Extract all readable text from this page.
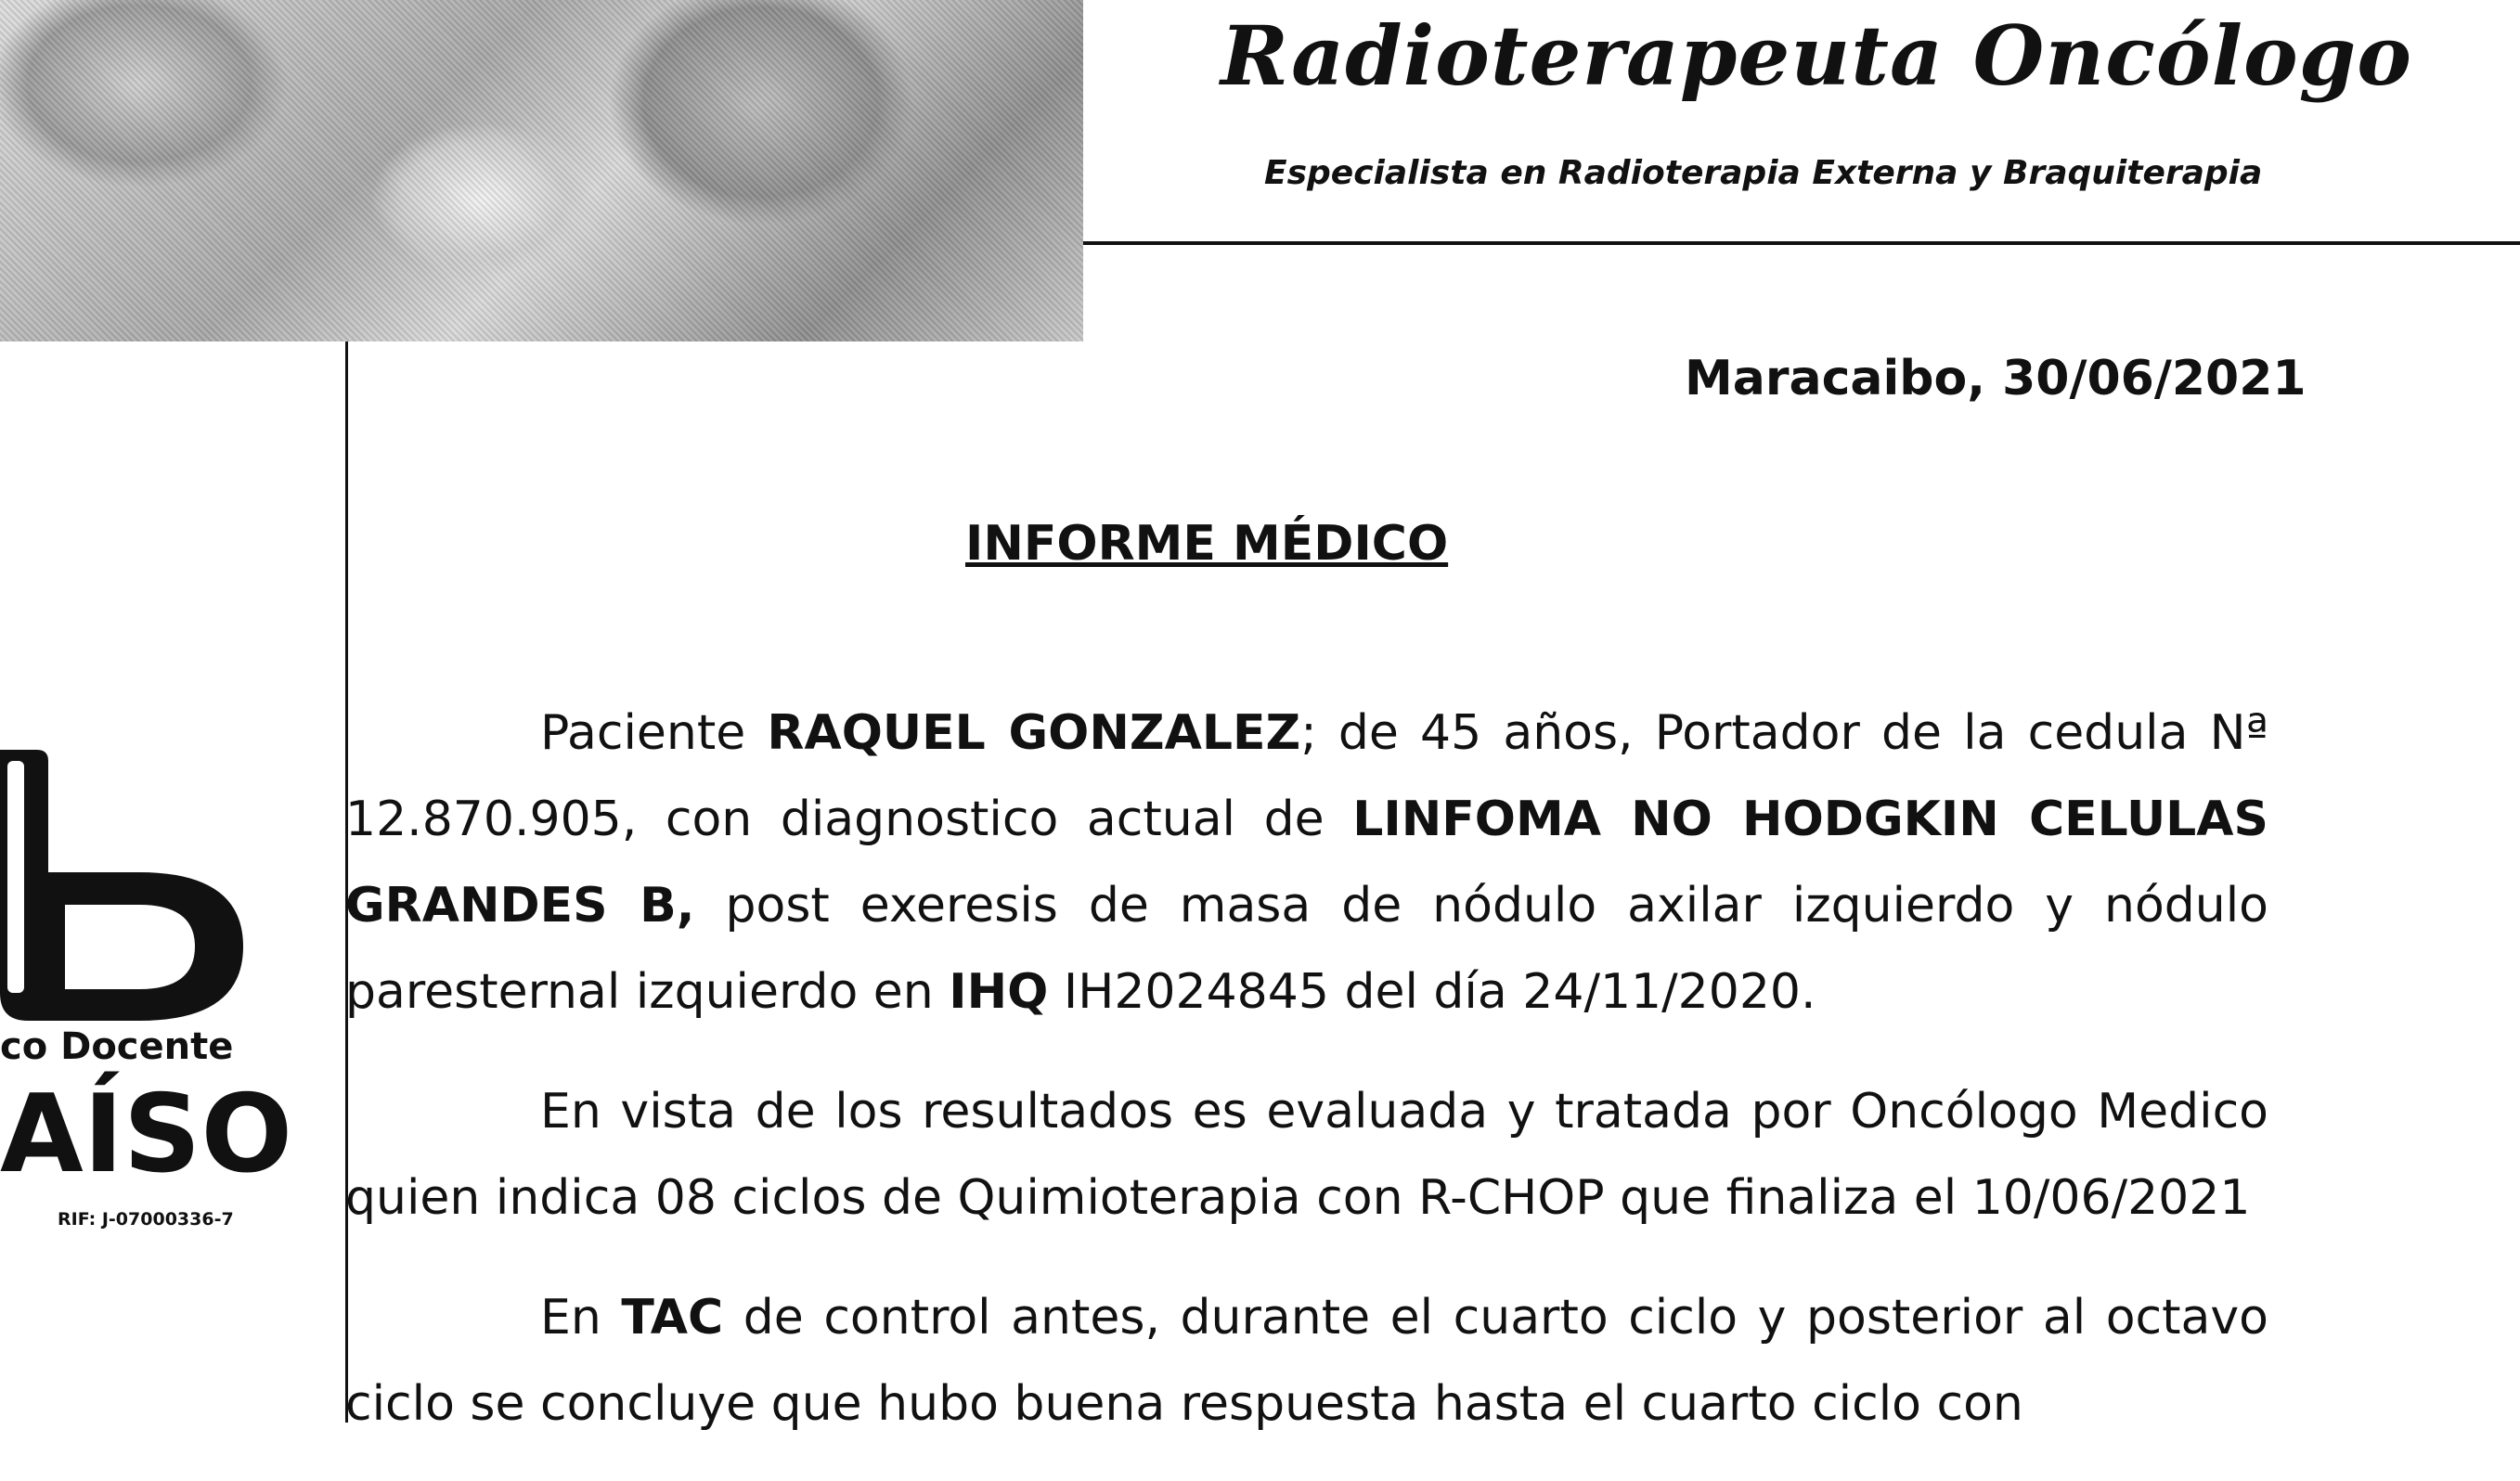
Radioterapeuta Oncólogo

Especialista en Radioterapia Externa y Braquiterapia

co Docente

AÍSO

RIF: J-07000336-7

Maracaibo, 30/06/2021

INFORME MÉDICO

Paciente RAQUEL GONZALEZ; de 45 años, Portador de la cedula Nª 12.870.905, con diagnostico actual de LINFOMA NO HODGKIN CELULAS GRANDES B, post exeresis de masa de nódulo axilar izquierdo y nódulo paresternal izquierdo en IHQ IH2024845 del día 24/11/2020.

En vista de los resultados es evaluada y tratada por Oncólogo Medico quien indica 08 ciclos de Quimioterapia con R-CHOP que finaliza el 10/06/2021

En TAC de control antes, durante el cuarto ciclo y posterior al octavo ciclo se concluye que hubo buena respuesta hasta el cuarto ciclo con
